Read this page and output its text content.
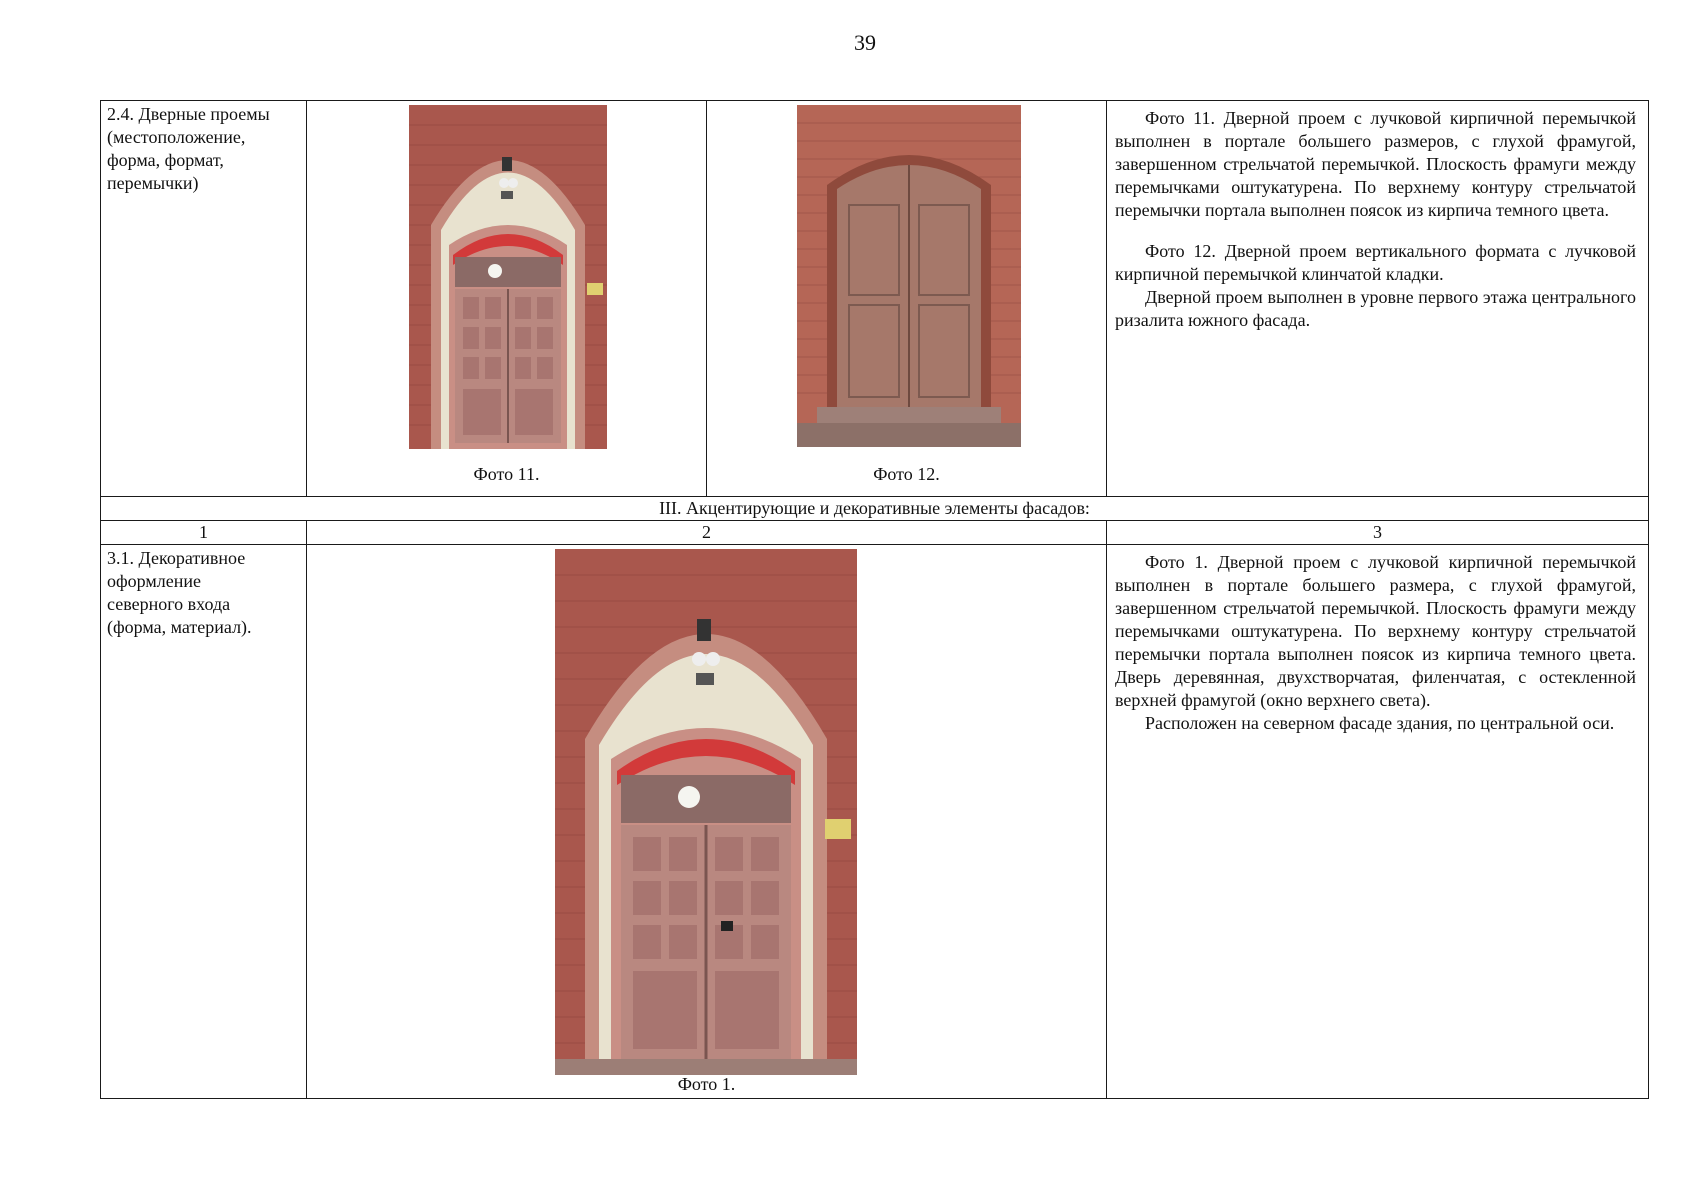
39
2.4. Дверные проемы (местоположение, форма, формат, перемычки)	Фото 11.	Фото 12.	Фото 11. Дверной проем с лучковой кирпичной перемычкой выполнен в портале большего размеров, с глухой фрамугой, завершенном стрельчатой перемычкой. Плоскость фрамуги между перемычками оштукатурена. По верхнему контуру стрельчатой перемычки портала выполнен поясок из кирпича темного цвета.

Фото 12. Дверной проем вертикального формата с лучковой кирпичной перемычкой клинчатой кладки.

Дверной проем выполнен в уровне первого этажа центрального ризалита южного фасада.

III. Акцентирующие и декоративные элементы фасадов:			
1	2		3

3.1. Декоративное оформление северного входа (форма, материал).	Фото 1.		Фото 1. Дверной проем с лучковой кирпичной перемычкой выполнен в портале большего размера, с глухой фрамугой, завершенном стрельчатой перемычкой. Плоскость фрамуги между перемычками оштукатурена. По верхнему контуру стрельчатой перемычки портала выполнен поясок из кирпича темного цвета. Дверь деревянная, двухстворчатая, филенчатая, с остекленной верхней фрамугой (окно верхнего света).

Расположен на северном фасаде здания, по центральной оси.
